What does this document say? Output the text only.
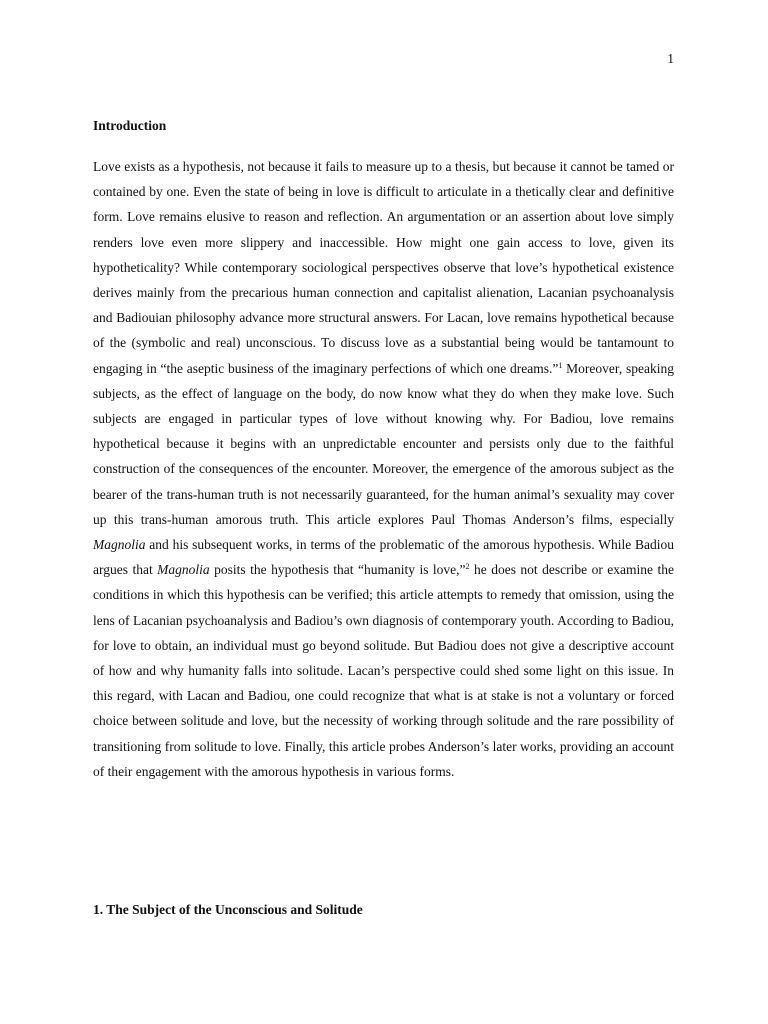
1
Introduction

Love exists as a hypothesis, not because it fails to measure up to a thesis, but because it cannot be tamed or contained by one. Even the state of being in love is difficult to articulate in a thetically clear and definitive form. Love remains elusive to reason and reflection. An argumentation or an assertion about love simply renders love even more slippery and inaccessible. How might one gain access to love, given its hypotheticality? While contemporary sociological perspectives observe that love’s hypothetical existence derives mainly from the precarious human connection and capitalist alienation, Lacanian psychoanalysis and Badiouian philosophy advance more structural answers. For Lacan, love remains hypothetical because of the (symbolic and real) unconscious. To discuss love as a substantial being would be tantamount to engaging in “the aseptic business of the imaginary perfections of which one dreams.”$^1$ Moreover, speaking subjects, as the effect of language on the body, do now know what they do when they make love. Such subjects are engaged in particular types of love without knowing why. For Badiou, love remains hypothetical because it begins with an unpredictable encounter and persists only due to the faithful construction of the consequences of the encounter. Moreover, the emergence of the amorous subject as the bearer of the trans-human truth is not necessarily guaranteed, for the human animal’s sexuality may cover up this trans-human amorous truth. This article explores Paul Thomas Anderson’s films, especially Magnolia and his subsequent works, in terms of the problematic of the amorous hypothesis. While Badiou argues that Magnolia posits the hypothesis that “humanity is love,”$^2$ he does not describe or examine the conditions in which this hypothesis can be verified; this article attempts to remedy that omission, using the lens of Lacanian psychoanalysis and Badiou’s own diagnosis of contemporary youth. According to Badiou, for love to obtain, an individual must go beyond solitude. But Badiou does not give a descriptive account of how and why humanity falls into solitude. Lacan’s perspective could shed some light on this issue. In this regard, with Lacan and Badiou, one could recognize that what is at stake is not a voluntary or forced choice between solitude and love, but the necessity of working through solitude and the rare possibility of transitioning from solitude to love. Finally, this article probes Anderson’s later works, providing an account of their engagement with the amorous hypothesis in various forms.

1. The Subject of the Unconscious and Solitude
